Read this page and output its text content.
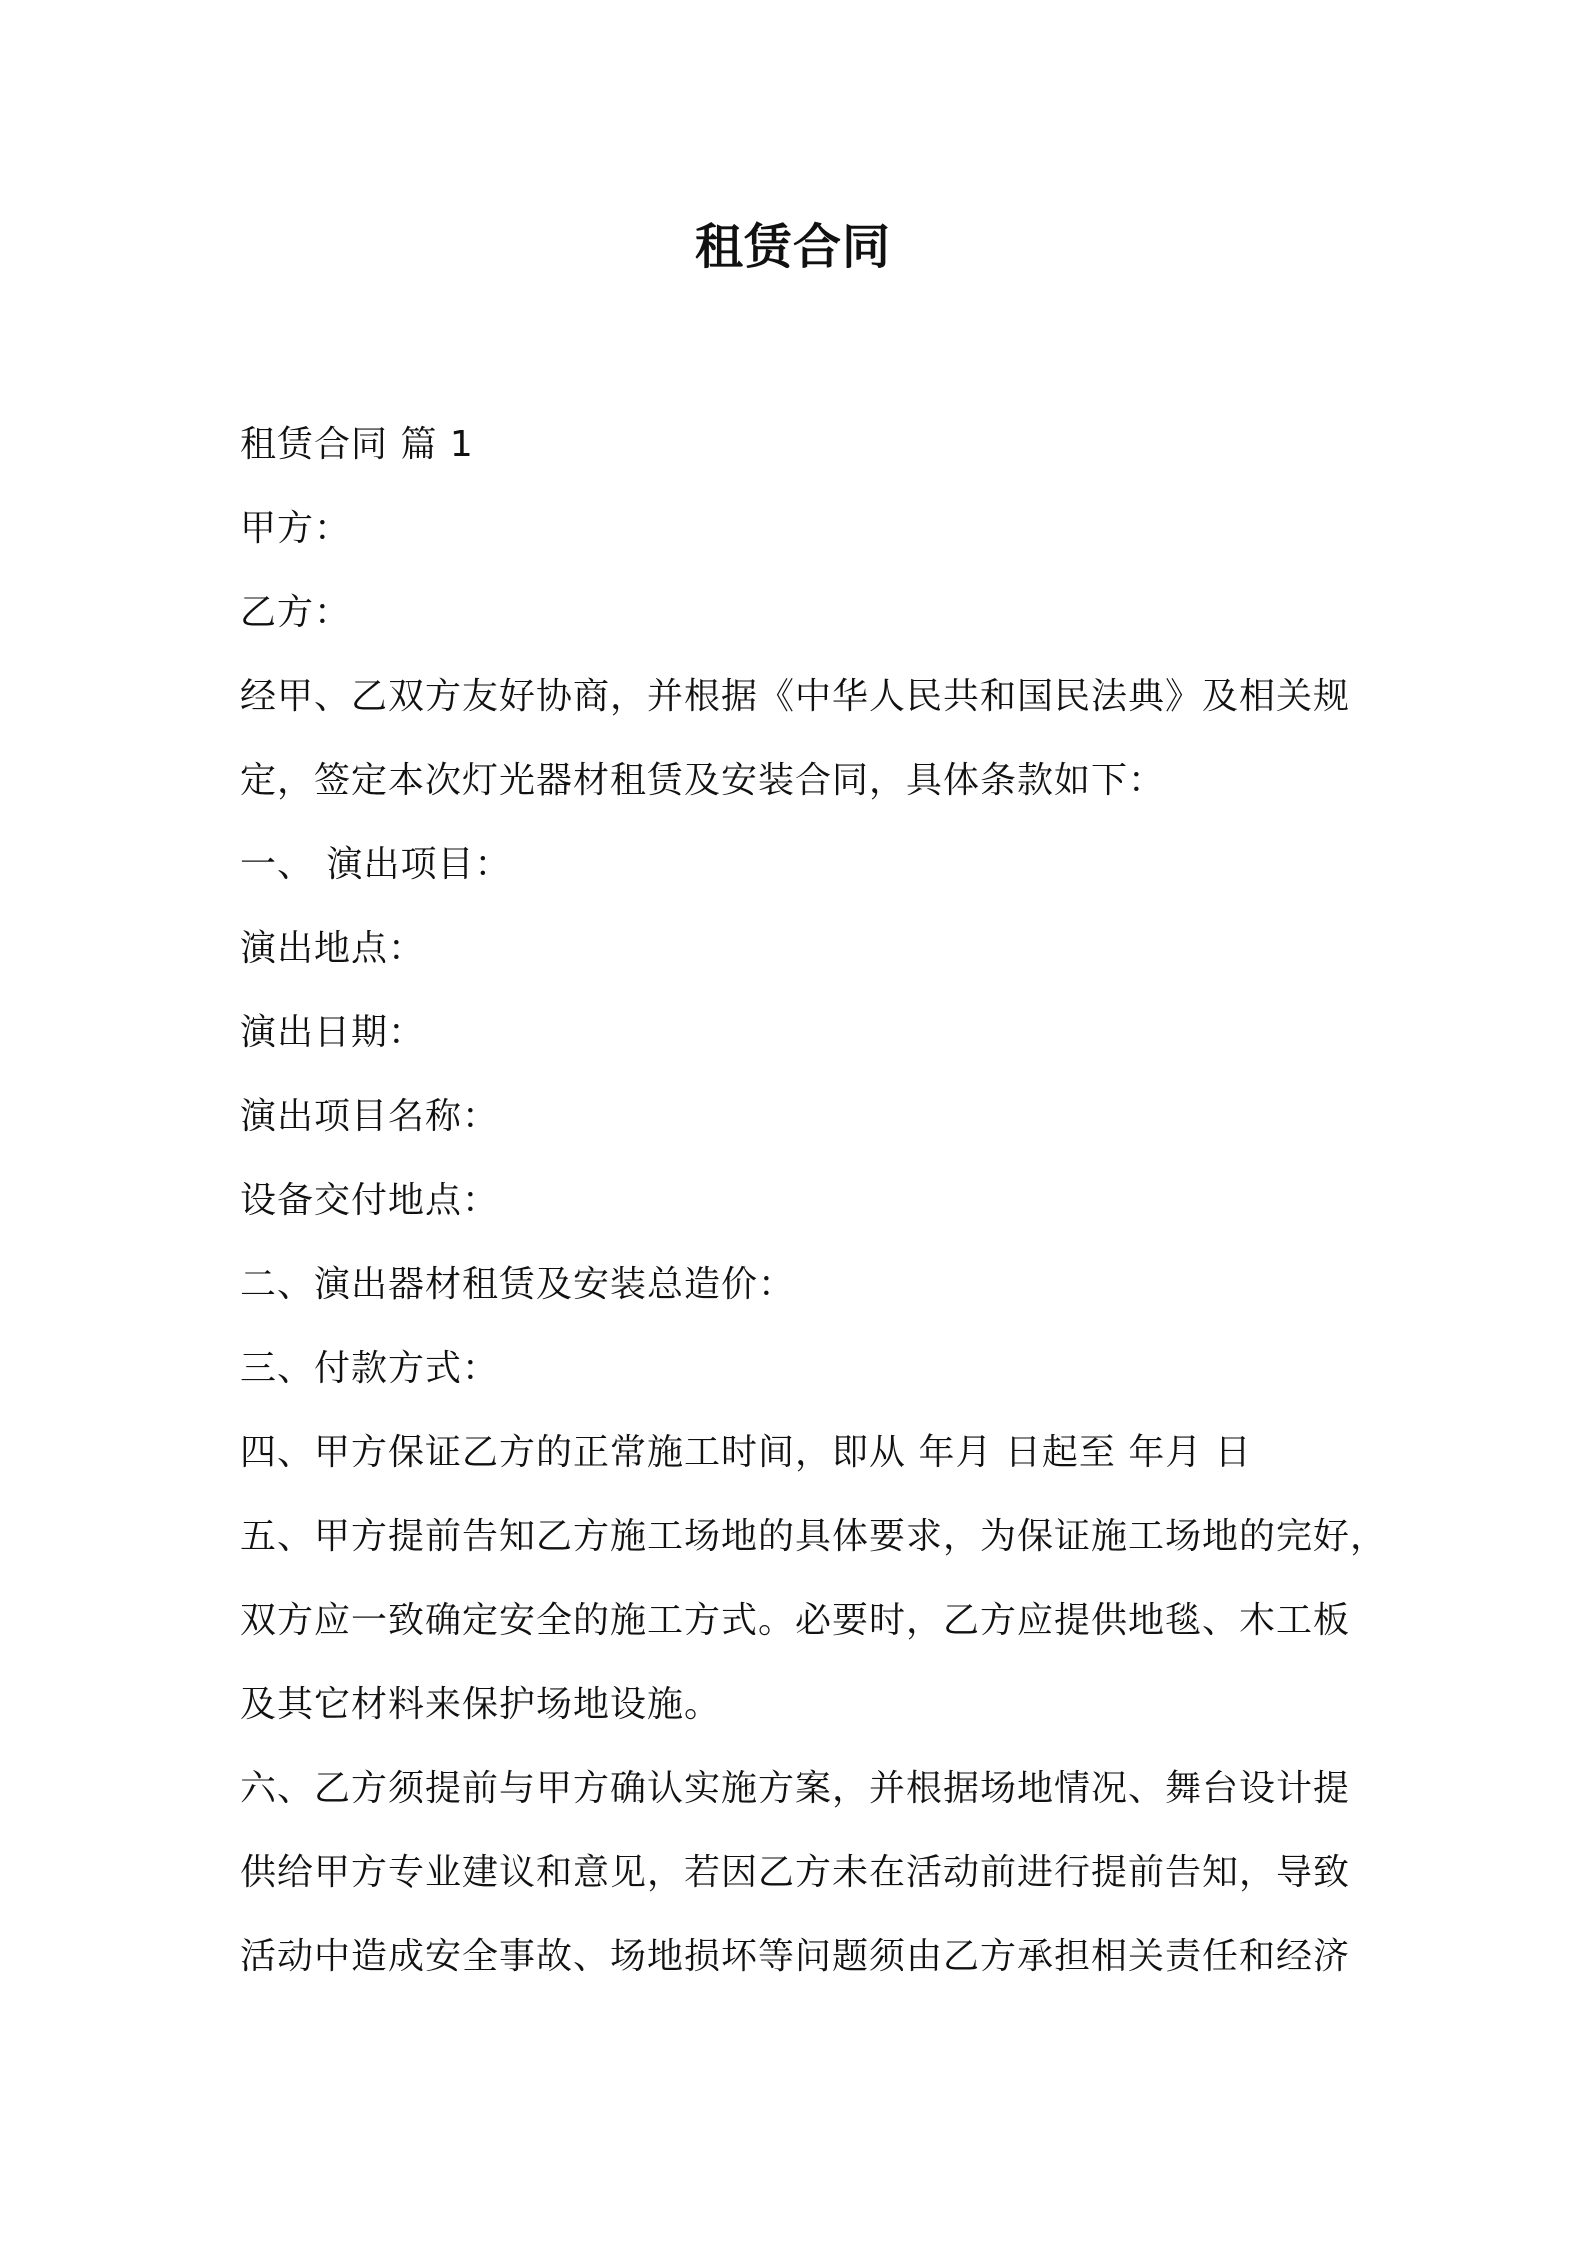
租赁合同
租赁合同 篇 1
甲方：
乙方：
经甲、乙双方友好协商，并根据《中华人民共和国民法典》及相关规
定，签定本次灯光器材租赁及安装合同，具体条款如下：
一、 演出项目：
演出地点：
演出日期：
演出项目名称：
设备交付地点：
二、演出器材租赁及安装总造价：
三、付款方式：
四、甲方保证乙方的正常施工时间，即从 年月 日起至 年月 日
五、甲方提前告知乙方施工场地的具体要求，为保证施工场地的完好，
双方应一致确定安全的施工方式。必要时，乙方应提供地毯、木工板
及其它材料来保护场地设施。
六、乙方须提前与甲方确认实施方案，并根据场地情况、舞台设计提
供给甲方专业建议和意见，若因乙方未在活动前进行提前告知，导致
活动中造成安全事故、场地损坏等问题须由乙方承担相关责任和经济
